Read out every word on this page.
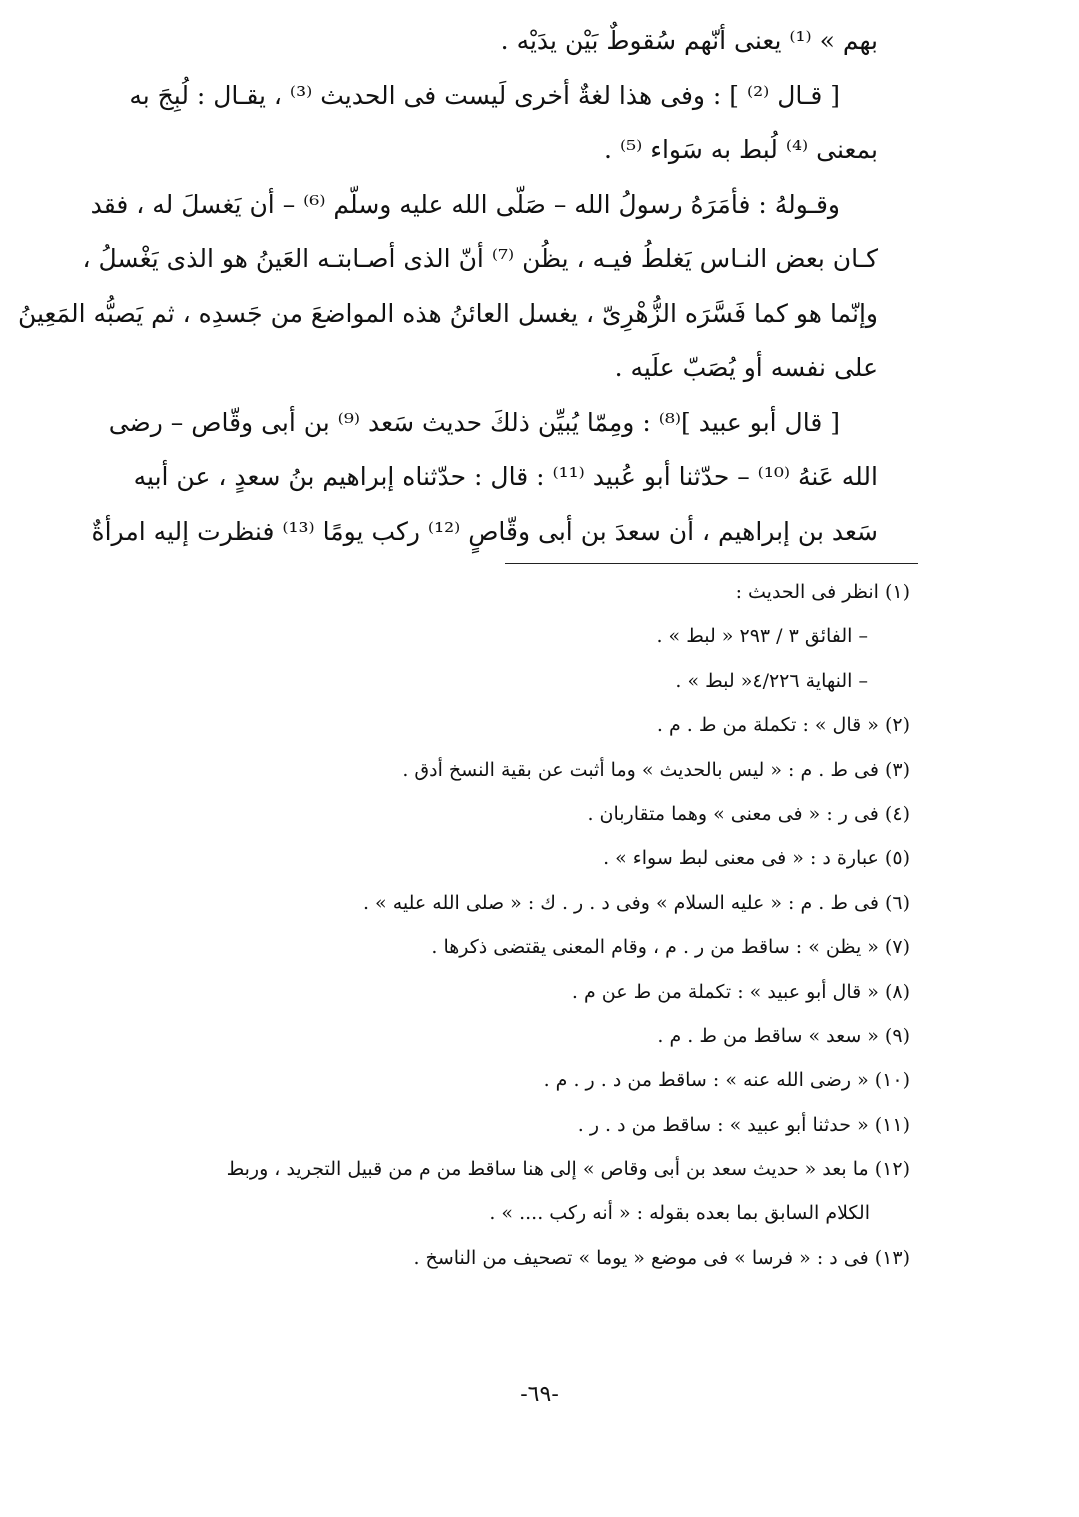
بهم » ⁽¹⁾ يعنى أنّهم سُقوطٌ بَيْن يدَيْه .
[ قـال ⁽²⁾ ] : وفى هذا لغةٌ أخرى لَيست فى الحديث ⁽³⁾ ، يقـال : لُبِجَ به
بمعنى ⁽⁴⁾ لُبط به سَواء ⁽⁵⁾ .
وقـولهُ : فأمَرَهُ رسولُ الله – صَلّى الله عليه وسلّم ⁽⁶⁾ – أن يَغسلَ له ، فقد
كـان بعض النـاس يَغلطُ فيـه ، يظُن ⁽⁷⁾ أنّ الذى أصـابتـه العَينُ هو الذى يَغْسلُ ،
وإنّما هو كما فَسَّرَه الزُّهْرِىّ ، يغسل العائنُ هذه المواضعَ من جَسدِه ، ثم يَصبُّه المَعِينُ
على نفسه أو يُصَبّ علَيه .
[ قال أبو عبيد ]⁽⁸⁾ : ومِمّا يُبيِّن ذلكَ حديث سَعد ⁽⁹⁾ بن أبى وقّاص – رضى
الله عَنهُ ⁽¹⁰⁾ – حدّثنا أبو عُبيد ⁽¹¹⁾ : قال : حدّثناه إبراهيم بنُ سعدٍ ، عن أبيه
سَعد بن إبراهيم ، أن سعدَ بن أبى وقّاصٍ ⁽¹²⁾ ركب يومًا ⁽¹³⁾ فنظرت إليه امرأةٌ
(١) انظر فى الحديث :
– الفائق ٣ / ٢٩٣ « لبط » .
– النهاية ٤/٢٢٦« لبط » .
(٢) « قال » : تكملة من ط . م .
(٣) فى ط . م : « ليس بالحديث » وما أثبت عن بقية النسخ أدق .
(٤) فى ر : « فى معنى » وهما متقاربان .
(٥) عبارة د : « فى معنى لبط سواء » .
(٦) فى ط . م : « عليه السلام » وفى د . ر . ك : « صلى الله عليه » .
(٧) « يظن » : ساقط من ر . م ، وقام المعنى يقتضى ذكرها .
(٨) « قال أبو عبيد » : تكملة من ط عن م .
(٩) « سعد » ساقط من ط . م .
(١٠) « رضى الله عنه » : ساقط من د . ر . م .
(١١) « حدثنا أبو عبيد » : ساقط من د . ر .
(١٢) ما بعد « حديث سعد بن أبى وقاص » إلى هنا ساقط من م من قبيل التجريد ، وربط
الكلام السابق بما بعده بقوله : « أنه ركب .... » .
(١٣) فى د : « فرسا » فى موضع « يوما » تصحيف من الناسخ .
-٦٩-
